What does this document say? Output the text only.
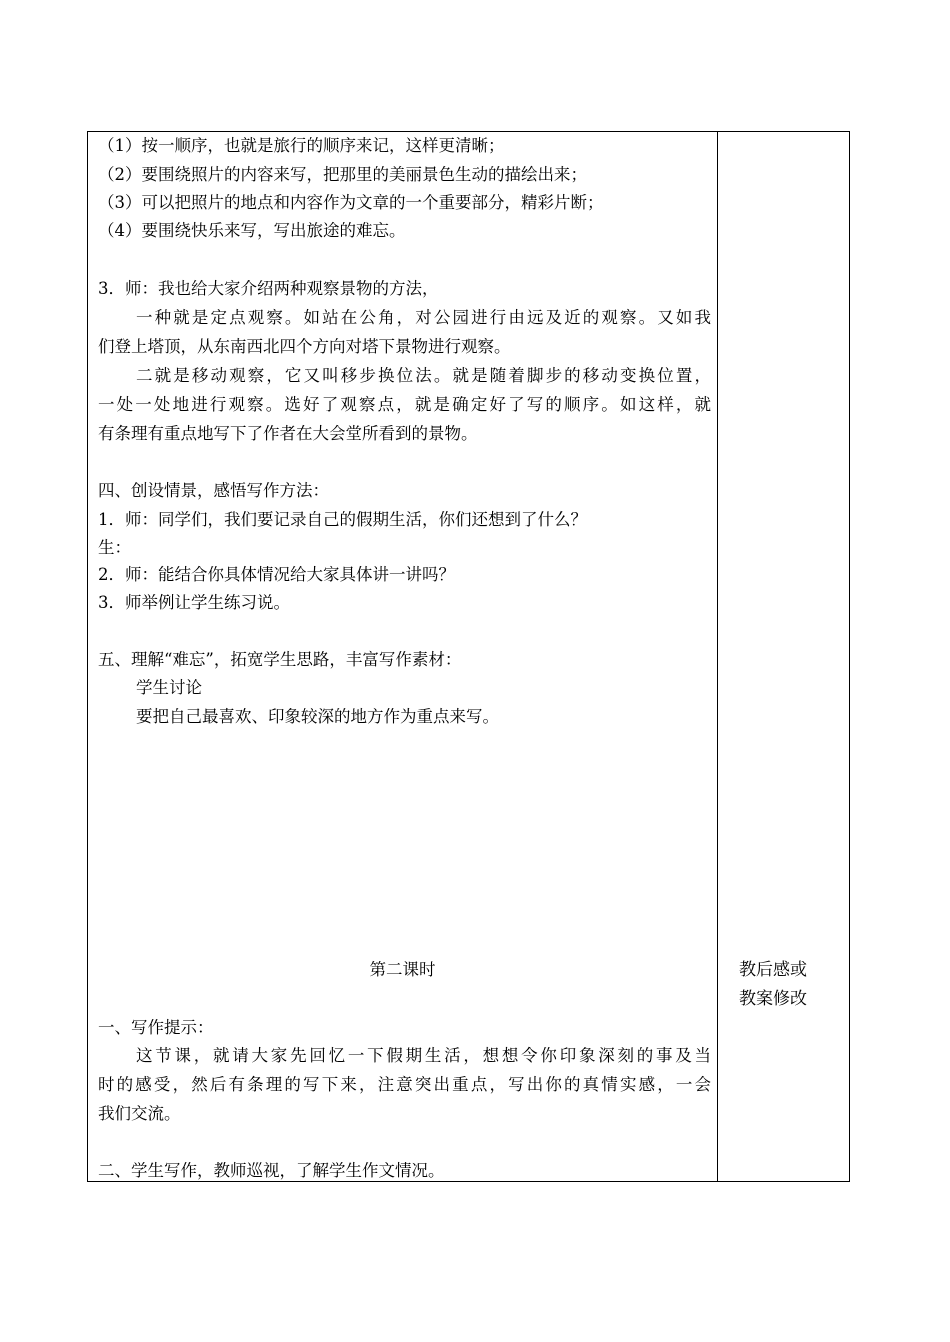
（1）按一顺序，也就是旅行的顺序来记，这样更清晰；
（2）要围绕照片的内容来写，把那里的美丽景色生动的描绘出来；
（3）可以把照片的地点和内容作为文章的一个重要部分，精彩片断；
（4）要围绕快乐来写，写出旅途的难忘。
3．师：我也给大家介绍两种观察景物的方法，
一种就是定点观察。如站在公角，对公园进行由远及近的观察。又如我
们登上塔顶，从东南西北四个方向对塔下景物进行观察。
二就是移动观察，它又叫移步换位法。就是随着脚步的移动变换位置，
一处一处地进行观察。选好了观察点，就是确定好了写的顺序。如这样，就
有条理有重点地写下了作者在大会堂所看到的景物。
四、创设情景，感悟写作方法：
1．师：同学们，我们要记录自己的假期生活，你们还想到了什么？
生：
2．师：能结合你具体情况给大家具体讲一讲吗？
3．师举例让学生练习说。
五、理解“难忘”，拓宽学生思路，丰富写作素材：
学生讨论
要把自己最喜欢、印象较深的地方作为重点来写。
第二课时
一、写作提示：
这节课，就请大家先回忆一下假期生活，想想令你印象深刻的事及当
时的感受，然后有条理的写下来，注意突出重点，写出你的真情实感，一会
我们交流。
二、学生写作，教师巡视，了解学生作文情况。
教后感或
教案修改
